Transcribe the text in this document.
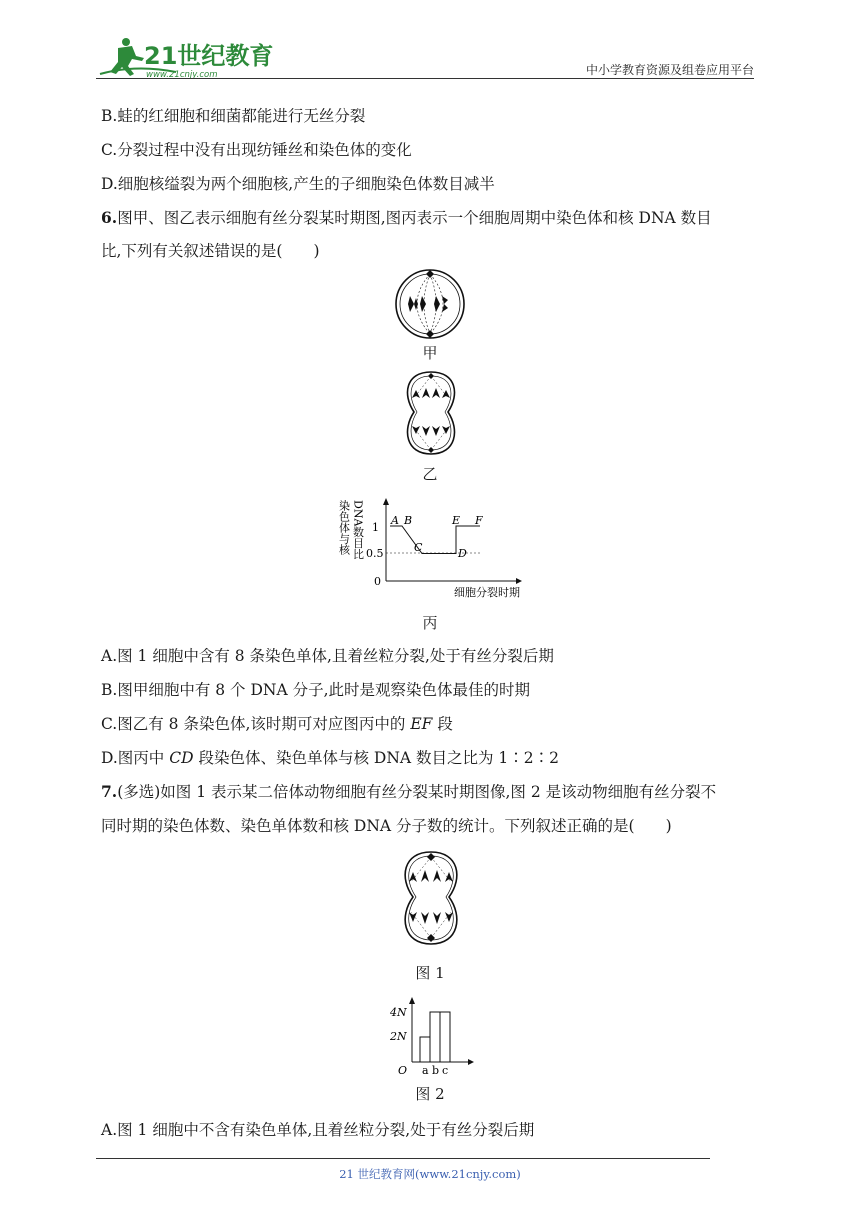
21世纪教育
www.21cnjy.com	中小学教育资源及组卷应用平台
B.蛙的红细胞和细菌都能进行无丝分裂
C.分裂过程中没有出现纺锤丝和染色体的变化
D.细胞核缢裂为两个细胞核,产生的子细胞染色体数目减半
6.图甲、图乙表示细胞有丝分裂某时期图,图丙表示一个细胞周期中染色体和核 DNA 数目
比,下列有关叙述错误的是(　　)
甲
乙
染色体与核 DNA数目比 1
0.5
0
A B
C	D
E F
细胞分裂时期
丙
A.图 1 细胞中含有 8 条染色单体,且着丝粒分裂,处于有丝分裂后期
B.图甲细胞中有 8 个 DNA 分子,此时是观察染色体最佳的时期
C.图乙有 8 条染色体,该时期可对应图丙中的 EF 段
D.图丙中 CD 段染色体、染色单体与核 DNA 数目之比为 1∶2∶2
7.(多选)如图 1 表示某二倍体动物细胞有丝分裂某时期图像,图 2 是该动物细胞有丝分裂不
同时期的染色体数、染色单体数和核 DNA 分子数的统计。下列叙述正确的是(　　)
图 1
4N
2N
O a b c
图 2
A.图 1 细胞中不含有染色单体,且着丝粒分裂,处于有丝分裂后期
21 世纪教育网(www.21cnjy.com)
